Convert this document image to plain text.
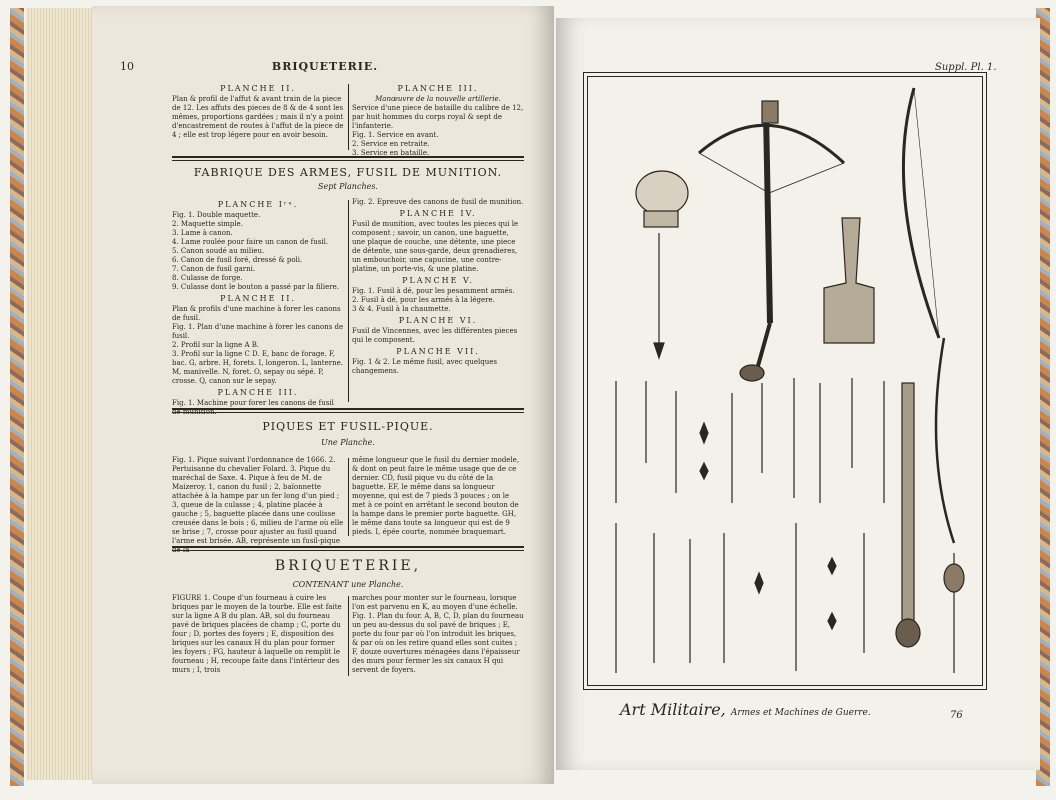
10	BRIQUETERIE.
PLANCHE II.
Plan & profil de l'affut & avant train de la piece de 12. Les affuts des pieces de 8 & de 4 sont les mêmes, proportions gardées ; mais il n'y a point d'encastrement de routes à l'affut de la piece de 4 ; elle est trop légere pour en avoir besoin.
PLANCHE III.
Manœuvre de la nouvelle artillerie.
Service d'une piece de bataille du calibre de 12, par huit hommes du corps royal & sept de l'infanterie.
Fig. 1. Service en avant.
2. Service en retraite.
3. Service en bataille.
FABRIQUE DES ARMES, FUSIL DE MUNITION.
Sept Planches.
PLANCHE Iʳᵉ.
Fig. 1. Double maquette.
2. Maquette simple.
3. Lame à canon.
4. Lame roulée pour faire un canon de fusil.
5. Canon soudé au milieu.
6. Canon de fusil foré, dressé & poli.
7. Canon de fusil garni.
8. Culasse de forge.
9. Culasse dont le bouton a passé par la filiere.
PLANCHE II.
Plan & profils d'une machine à forer les canons de fusil.
Fig. 1. Plan d'une machine à forer les canons de fusil.
2. Profil sur la ligne A B.
3. Profil sur la ligne C D. E, banc de forage. F, bac. G, arbre. H, forets. I, longeron. L, lanterne. M, manivelle. N, foret. O, sepay ou sépé. P, crosse. Q, canon sur le sepay.
PLANCHE III.
Fig. 1. Machine pour forer les canons de fusil de munition.
Fig. 2. Epreuve des canons de fusil de munition.
PLANCHE IV.
Fusil de munition, avec toutes les pieces qui le composent ; savoir, un canon, une baguette, une plaque de couche, une détente, une piece de détente, une sous-garde, deux grenadieres, un embouchoir, une capucine, une contre-platine, un porte-vis, & une platine.
PLANCHE V.
Fig. 1. Fusil à dé, pour les pesamment armés.
2. Fusil à dé, pour les armés à la légere.
3 & 4. Fusil à la chaumette.
PLANCHE VI.
Fusil de Vincennes, avec les différentes pieces qui le composent.
PLANCHE VII.
Fig. 1 & 2. Le même fusil, avec quelques changemens.
PIQUES ET FUSIL-PIQUE.
Une Planche.
Fig. 1. Pique suivant l'ordonnance de 1666. 2. Pertuisanne du chevalier Folard. 3. Pique du maréchal de Saxe. 4. Pique à feu de M. de Maizeroy. 1, canon du fusil ; 2, baïonnette attachée à la hampe par un fer long d'un pied ; 3, queue de la culasse ; 4, platine placée à gauche ; 5, baguette placée dans une coulisse creusée dans le bois ; 6, milieu de l'arme où elle se brise ; 7, crosse pour ajuster au fusil quand l'arme est brisée. AB, représente un fusil-pique de la
même longueur que le fusil du dernier modele, & dont on peut faire le même usage que de ce dernier. CD, fusil pique vu du côté de la baguette. EF, le même dans sa longueur moyenne, qui est de 7 pieds 3 pouces ; on le met à ce point en arrêtant le second bouton de la hampe dans le premier porte baguette. GH, le même dans toute sa longueur qui est de 9 pieds. I, épée courte, nommée braquemart.
BRIQUETERIE,
CONTENANT une Planche.
FIGURE 1. Coupe d'un fourneau à cuire les briques par le moyen de la tourbe. Elle est faite sur la ligne A B du plan. AB, sol du fourneau pavé de briques placées de champ ; C, porte du four ; D, portes des foyers ; E, disposition des briques sur les canaux H du plan pour former les foyers ; FG, hauteur à laquelle on remplit le fourneau ; H, recoupe faite dans l'intérieur des murs ; I, trois
marches pour monter sur le fourneau, lorsque l'on est parvenu en K, au moyen d'une échelle. Fig. 1. Plan du four. A, B, C, D, plan du fourneau un peu au-dessus du sol pavé de briques ; E, porte du four par où l'on introduit les briques, & par où on les retire quand elles sont cuites ; F, douze ouvertures ménagées dans l'épaisseur des murs pour fermer les six canaux H qui servent de foyers.
Suppl. Pl. 1.
Art Militaire, Armes et Machines de Guerre.	76
